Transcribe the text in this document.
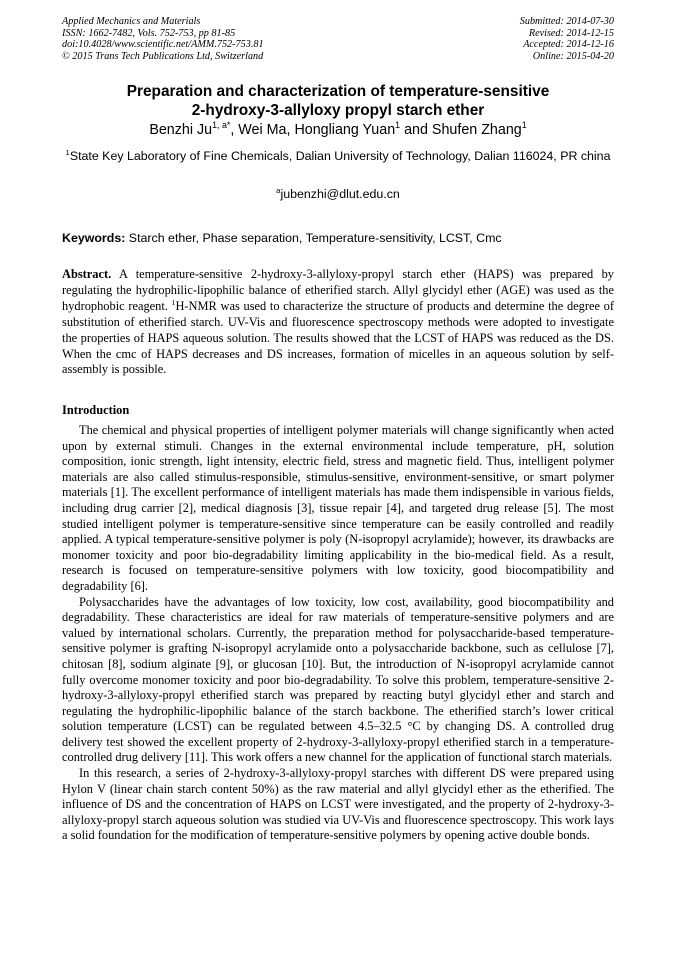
Applied Mechanics and Materials
ISSN: 1662-7482, Vols. 752-753, pp 81-85
doi:10.4028/www.scientific.net/AMM.752-753.81
© 2015 Trans Tech Publications Ltd, Switzerland
Submitted: 2014-07-30
Revised: 2014-12-15
Accepted: 2014-12-16
Online: 2015-04-20
Preparation and characterization of temperature-sensitive
2-hydroxy-3-allyloxy propyl starch ether
Benzhi $Ju^{1, a*}$, Wei Ma, Hongliang Yuan$^1$ and Shufen Zhang$^1$
$^1$State Key Laboratory of Fine Chemicals, Dalian University of Technology, Dalian 116024, PR china
$^a$jubenzhi@dlut.edu.cn
Keywords: Starch ether, Phase separation, Temperature-sensitivity, LCST, Cmc

Abstract. A temperature-sensitive 2-hydroxy-3-allyloxy-propyl starch ether (HAPS) was prepared by regulating the hydrophilic-lipophilic balance of etherified starch. Allyl glycidyl ether (AGE) was used as the hydrophobic reagent. $^1$H-NMR was used to characterize the structure of products and determine the degree of substitution of etherified starch. UV-Vis and fluorescence spectroscopy methods were adopted to investigate the properties of HAPS aqueous solution. The results showed that the LCST of HAPS was reduced as the DS. When the cmc of HAPS decreases and DS increases, formation of micelles in an aqueous solution by self-assembly is possible.

Introduction

The chemical and physical properties of intelligent polymer materials will change significantly when acted upon by external stimuli. Changes in the external environmental include temperature, pH, solution composition, ionic strength, light intensity, electric field, stress and magnetic field. Thus, intelligent polymer materials are also called stimulus-responsible, stimulus-sensitive, environment-sensitive, or smart polymer materials [1]. The excellent performance of intelligent materials has made them indispensible in various fields, including drug carrier [2], medical diagnosis [3], tissue repair [4], and targeted drug release [5]. The most studied intelligent polymer is temperature-sensitive since temperature can be easily controlled and readily applied. A typical temperature-sensitive polymer is poly (N-isopropyl acrylamide); however, its drawbacks are monomer toxicity and poor bio-degradability limiting applicability in the bio-medical field. As a result, research is focused on temperature-sensitive polymers with low toxicity, good biocompatibility and degradability [6].

Polysaccharides have the advantages of low toxicity, low cost, availability, good biocompatibility and degradability. These characteristics are ideal for raw materials of temperature-sensitive polymers and are valued by international scholars. Currently, the preparation method for polysaccharide-based temperature-sensitive polymer is grafting N-isopropyl acrylamide onto a polysaccharide backbone, such as cellulose [7], chitosan [8], sodium alginate [9], or glucosan [10]. But, the introduction of N-isopropyl acrylamide cannot fully overcome monomer toxicity and poor bio-degradability. To solve this problem, temperature-sensitive 2-hydroxy-3-allyloxy-propyl etherified starch was prepared by reacting butyl glycidyl ether and starch and regulating the hydrophilic-lipophilic balance of the starch backbone. The etherified starch’s lower critical solution temperature (LCST) can be regulated between 4.5–32.5 °C by changing DS. A controlled drug delivery test showed the excellent property of 2-hydroxy-3-allyloxy-propyl etherified starch in a temperature-controlled drug delivery [11]. This work offers a new channel for the application of functional starch materials.

In this research, a series of 2-hydroxy-3-allyloxy-propyl starches with different DS were prepared using Hylon V (linear chain starch content 50%) as the raw material and allyl glycidyl ether as the etherified. The influence of DS and the concentration of HAPS on LCST were investigated, and the property of 2-hydroxy-3-allyloxy-propyl starch aqueous solution was studied via UV-Vis and fluorescence spectroscopy. This work lays a solid foundation for the modification of temperature-sensitive polymers by opening active double bonds.
